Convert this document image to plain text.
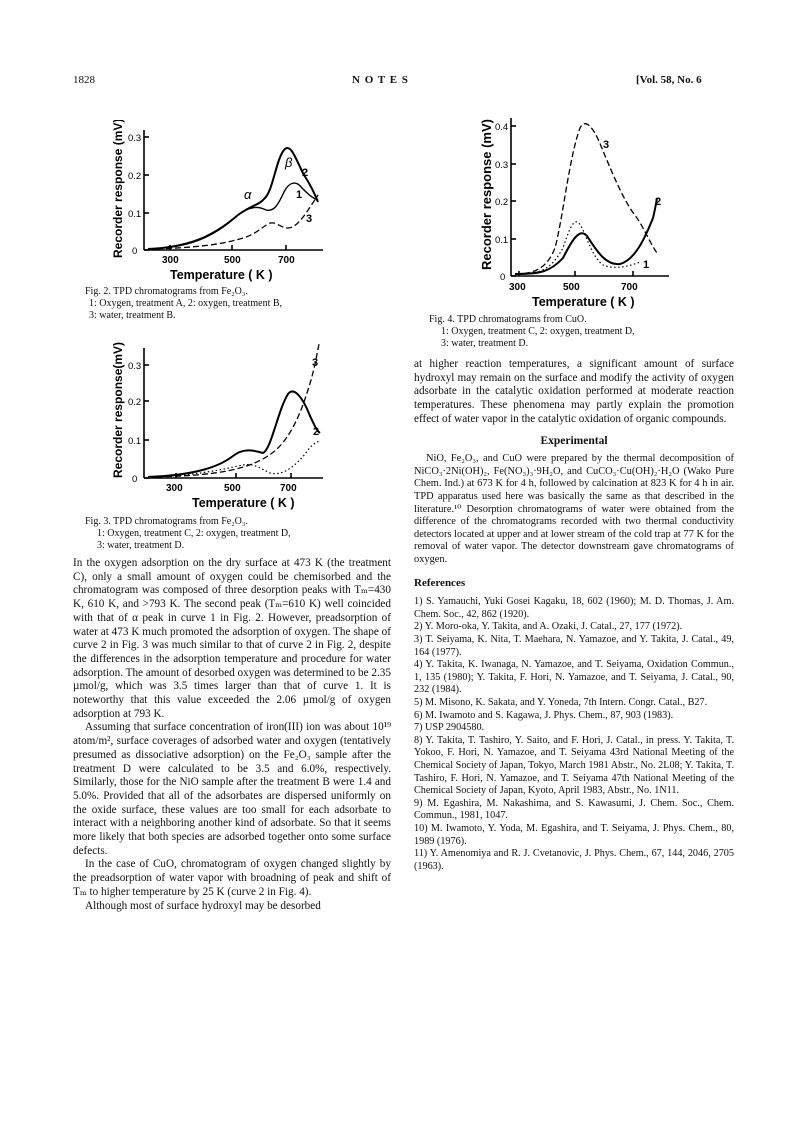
1828	N O T E S	[Vol. 58, No. 6
Recorder response (mV) 0
0.1
0.2
0.3
300	500	700
Temperature ( K )
α
β
1
2
3
Fig. 2. TPD chromatograms from Fe₂O₃.
1: Oxygen, treatment A, 2: oxygen, treatment B,
3: water, treatment B.
Recorder response(mV)
0
0.1
0.2
0.3
300	500	700
Temperature ( K )
3
2
Fig. 3. TPD chromatograms from Fe₂O₃.
1: Oxygen, treatment C, 2: oxygen, treatment D,
3: water, treatment D.
Recorder response (mV)
0
0.1
0.2
0.3
0.4
300	500	700
Temperature ( K )
3
2
1
Fig. 4. TPD chromatograms from CuO.
1: Oxygen, treatment C, 2: oxygen, treatment D,
3: water, treatment D.

In the oxygen adsorption on the dry surface at 473 K (the treatment C), only a small amount of oxygen could be chemisorbed and the chromatogram was composed of three desorption peaks with Tₘ=430 K, 610 K, and >793 K. The second peak (Tₘ=610 K) well coincided with that of α peak in curve 1 in Fig. 2. However, preadsorption of water at 473 K much promoted the adsorption of oxygen. The shape of curve 2 in Fig. 3 was much similar to that of curve 2 in Fig. 2, despite the differences in the adsorption temperature and procedure for water adsorption. The amount of desorbed oxygen was determined to be 2.35 µmol/g, which was 3.5 times larger than that of curve 1. It is noteworthy that this value exceeded the 2.06 µmol/g of oxygen adsorption at 793 K.

Assuming that surface concentration of iron(III) ion was about 10¹⁹ atom/m², surface coverages of adsorbed water and oxygen (tentatively presumed as dissociative adsorption) on the Fe₂O₃ sample after the treatment D were calculated to be 3.5 and 6.0%, respectively. Similarly, those for the NiO sample after the treatment B were 1.4 and 5.0%. Provided that all of the adsorbates are dispersed uniformly on the oxide surface, these values are too small for each adsorbate to interact with a neighboring another kind of adsorbate. So that it seems more likely that both species are adsorbed together onto some surface defects.

In the case of CuO, chromatogram of oxygen changed slightly by the preadsorption of water vapor with broadning of peak and shift of Tₘ to higher temperature by 25 K (curve 2 in Fig. 4).

Although most of surface hydroxyl may be desorbed

at higher reaction temperatures, a significant amount of surface hydroxyl may remain on the surface and modify the activity of oxygen adsorbate in the catalytic oxidation performed at moderate reaction temperatures. These phenomena may partly explain the promotion effect of water vapor in the catalytic oxidation of organic compounds.

Experimental

NiO, Fe₂O₃, and CuO were prepared by the thermal decomposition of NiCO₃·2Ni(OH)₂, Fe(NO₃)₃·9H₂O, and CuCO₃·Cu(OH)₂·H₂O (Wako Pure Chem. Ind.) at 673 K for 4 h, followed by calcination at 823 K for 4 h in air. TPD apparatus used here was basically the same as that described in the literature.¹⁰ Desorption chromatograms of water were obtained from the difference of the chromatograms recorded with two thermal conductivity detectors located at upper and at lower stream of the cold trap at 77 K for the removal of water vapor. The detector downstream gave chromatograms of oxygen.

References

1) S. Yamauchi, Yuki Gosei Kagaku, 18, 602 (1960); M. D. Thomas, J. Am. Chem. Soc., 42, 862 (1920).

2) Y. Moro-oka, Y. Takita, and A. Ozaki, J. Catal., 27, 177 (1972).

3) T. Seiyama, K. Nita, T. Maehara, N. Yamazoe, and Y. Takita, J. Catal., 49, 164 (1977).

4) Y. Takita, K. Iwanaga, N. Yamazoe, and T. Seiyama, Oxidation Commun., 1, 135 (1980); Y. Takita, F. Hori, N. Yamazoe, and T. Seiyama, J. Catal., 90, 232 (1984).

5) M. Misono, K. Sakata, and Y. Yoneda, 7th Intern. Congr. Catal., B27.

6) M. Iwamoto and S. Kagawa, J. Phys. Chem., 87, 903 (1983).

7) USP 2904580.

8) Y. Takita, T. Tashiro, Y. Saito, and F. Hori, J. Catal., in press. Y. Takita, T. Yokoo, F. Hori, N. Yamazoe, and T. Seiyama 43rd National Meeting of the Chemical Society of Japan, Tokyo, March 1981 Abstr., No. 2L08; Y. Takita, T. Tashiro, F. Hori, N. Yamazoe, and T. Seiyama 47th National Meeting of the Chemical Society of Japan, Kyoto, April 1983, Abstr., No. 1N11.

9) M. Egashira, M. Nakashima, and S. Kawasumi, J. Chem. Soc., Chem. Commun., 1981, 1047.

10) M. Iwamoto, Y. Yoda, M. Egashira, and T. Seiyama, J. Phys. Chem., 80, 1989 (1976).

11) Y. Amenomiya and R. J. Cvetanovic, J. Phys. Chem., 67, 144, 2046, 2705 (1963).
